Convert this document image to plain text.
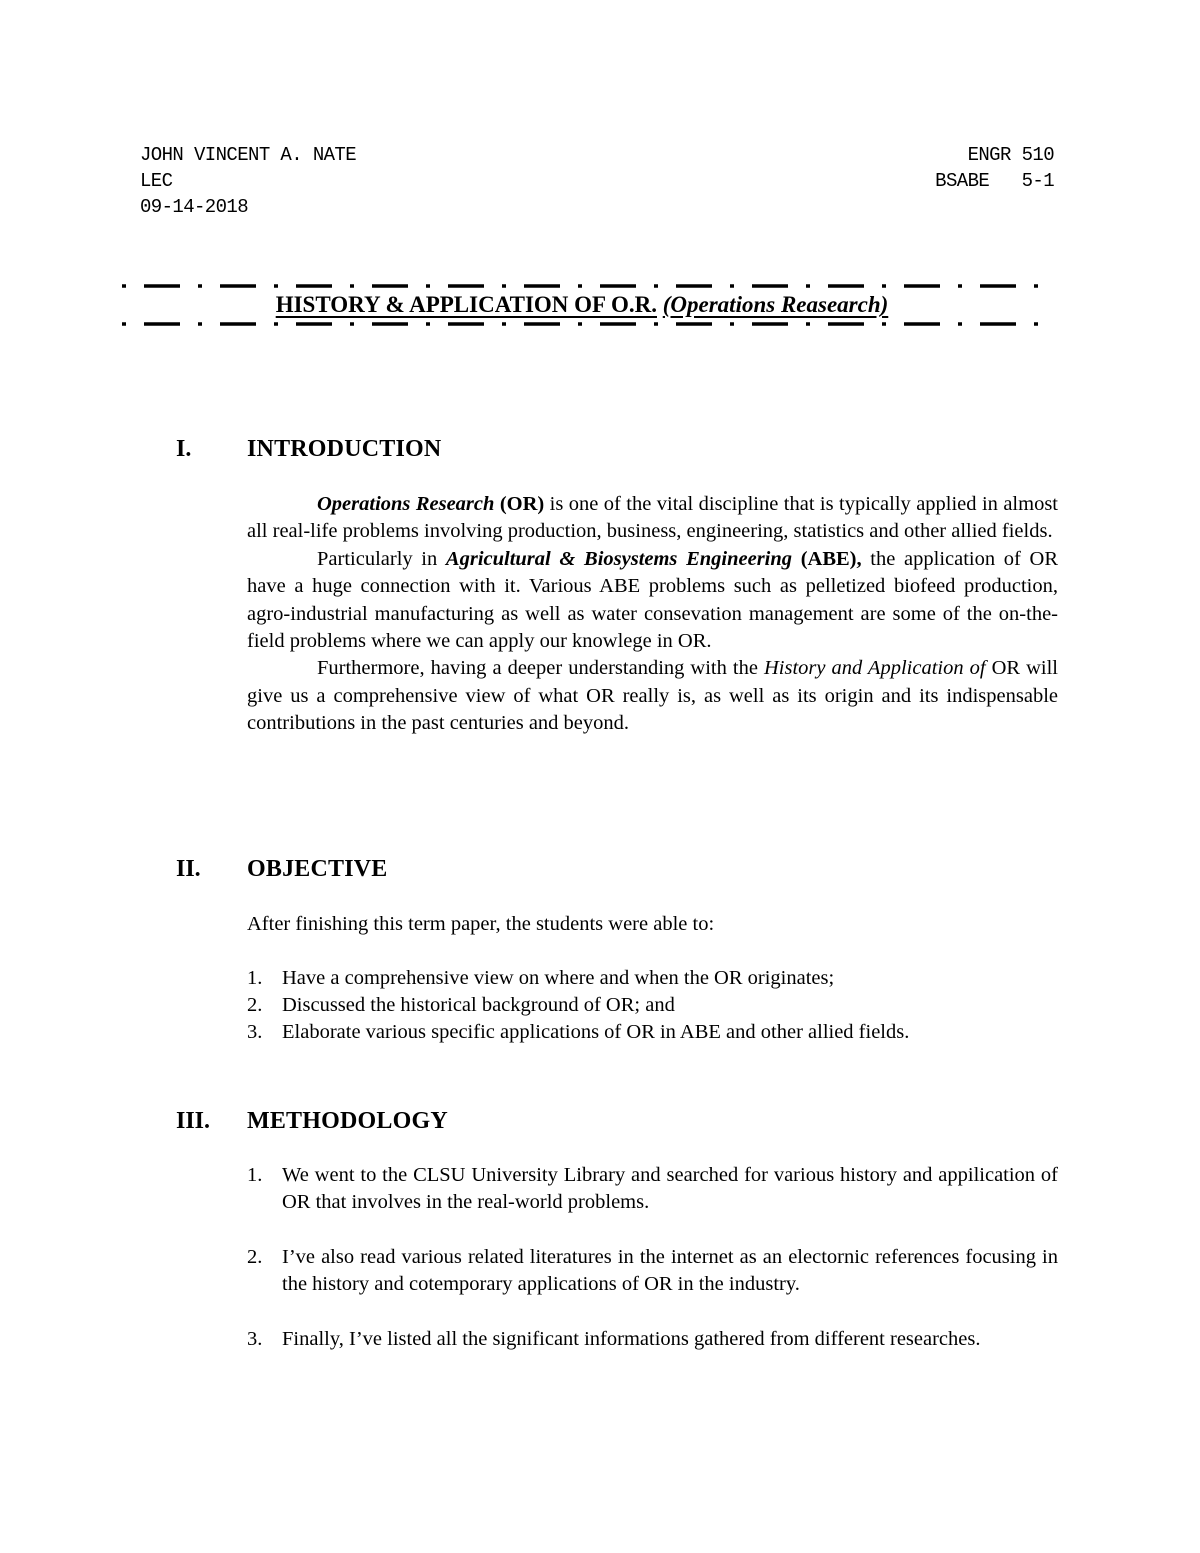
JOHN VINCENT A. NATE
LEC
09-14-2018
ENGR 510
BSABE   5-1
HISTORY & APPLICATION OF O.R. (Operations Reasearch)
I. INTRODUCTION

Operations Research (OR) is one of the vital discipline that is typically applied in almost all real-life problems involving production, business, engineering, statistics and other allied fields.

Particularly in Agricultural & Biosystems Engineering (ABE), the application of OR have a huge connection with it. Various ABE problems such as pelletized biofeed production, agro-industrial manufacturing as well as water consevation management are some of the on-the-field problems where we can apply our knowlege in OR.

Furthermore, having a deeper understanding with the History and Application of OR will give us a comprehensive view of what OR really is, as well as its origin and its indispensable contributions in the past centuries and beyond.

II. OBJECTIVE
After finishing this term paper, the students were able to:
1. Have a comprehensive view on where and when the OR originates;
2. Discussed the historical background of OR; and
3. Elaborate various specific applications of OR in ABE and other allied fields.
III. METHODOLOGY
1. We went to the CLSU University Library and searched for various history and appilication of OR that involves in the real-world problems.
2. I’ve also read various related literatures in the internet as an electornic references focusing in the history and cotemporary applications of OR in the industry.
3. Finally, I’ve listed all the significant informations gathered from different researches.
